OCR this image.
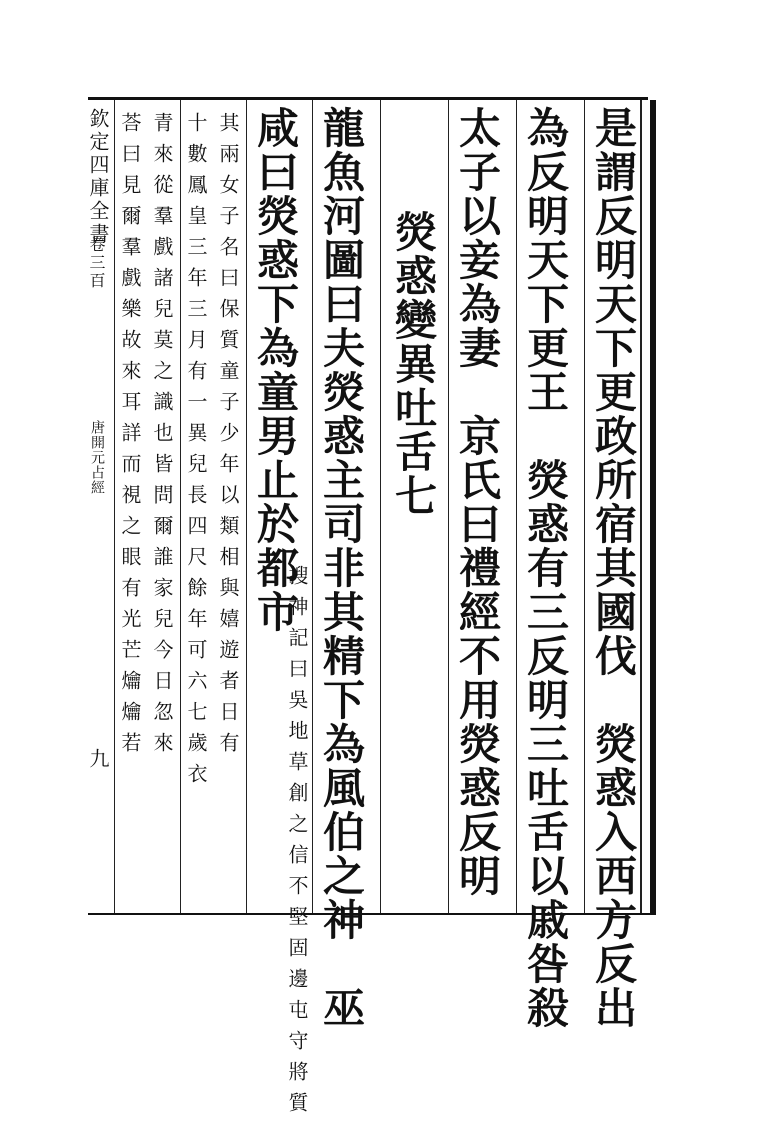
是謂反明天下更政所宿其國伐　熒惑入西方反出
為反明天下更王　熒惑有三反明三吐舌以戚咎殺
太子以妾為妻　京氏曰禮經不用熒惑反明
熒惑變異吐舌七
龍魚河圖曰夫熒惑主司非其精下為風伯之神　巫
咸曰熒惑下為童男止於都市
搜神記曰吳地草創之信不堅固邊屯守將質
其兩女子名曰保質童子少年以類相與嬉遊者日有
十數鳳皇三年三月有一異兒長四尺餘年可六七歲衣
青來從羣戲諸兒莫之識也皆問爾誰家兒今日忽來
荅曰見爾羣戲樂故來耳詳而視之眼有光芒爚爚若
欽定四庫全書
卷三百
唐開元占經
九
